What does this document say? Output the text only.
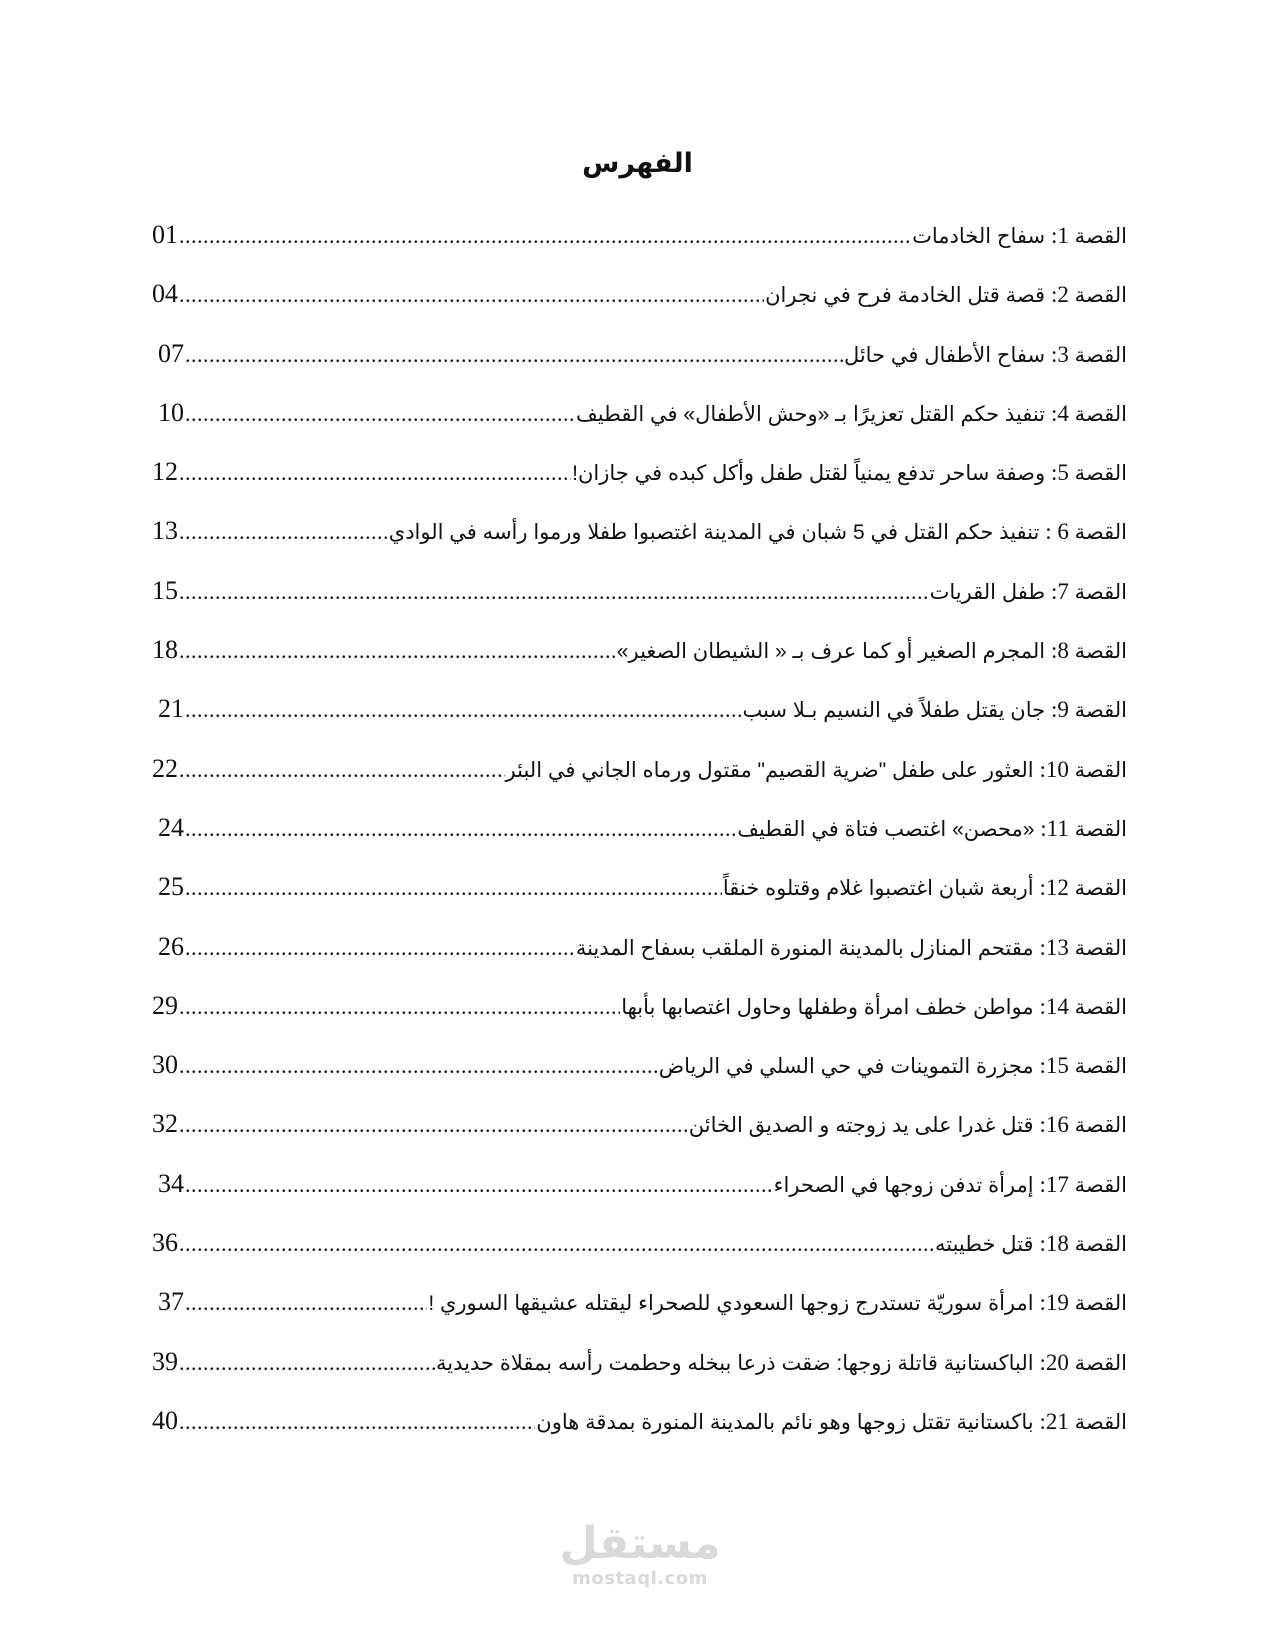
الفهرس
القصة 1: سفاح الخادمات
.....
01
القصة 2: قصة قتل الخادمة فرح في نجران
.....
04
القصة 3: سفاح الأطفال في حائل
.....
07
القصة 4: تنفيذ حكم القتل تعزيرًا بـ «وحش الأطفال» في القطيف
.....
10
القصة 5: وصفة ساحر تدفع يمنياً لقتل طفل وأكل كبده في جازان!
.....
12
القصة 6 : تنفيذ حكم القتل في 5 شبان في المدينة اغتصبوا طفلا ورموا رأسه في الوادي
.....
13
القصة 7: طفل القريات
.....
15
القصة 8: المجرم الصغير أو كما عرف بـ « الشيطان الصغير»
.....
18
القصة 9: جان يقتل طفلاً في النسيم بـلا سبب
.....
21
القصة 10: العثور على طفل "ضرية القصيم" مقتول ورماه الجاني في البئر
.....
22
القصة 11: «محصن» اغتصب فتاة في القطيف
.....
24
القصة 12: أربعة شبان اغتصبوا غلام وقتلوه خنقاً
.....
25
القصة 13: مقتحم المنازل بالمدينة المنورة الملقب بسفاح المدينة
.....
26
القصة 14: مواطن خطف امرأة وطفلها وحاول اغتصابها بأبها
.....
29
القصة 15: مجزرة التموينات في حي السلي في الرياض
.....
30
القصة 16: قتل غدرا على يد زوجته و الصديق الخائن
.....
32
القصة 17: إمرأة تدفن زوجها في الصحراء
.....
34
القصة 18: قتل خطيبته
.....
36
القصة 19: امرأة سوريّة تستدرج زوجها السعودي للصحراء ليقتله عشيقها السوري !
.....
37
القصة 20: الباكستانية قاتلة زوجها: ضقت ذرعا ببخله وحطمت رأسه بمقلاة حديدية
.....
39
القصة 21: باكستانية تقتل زوجها وهو نائم بالمدينة المنورة بمدقة هاون
.....
40
مستقل
mostaql.com
